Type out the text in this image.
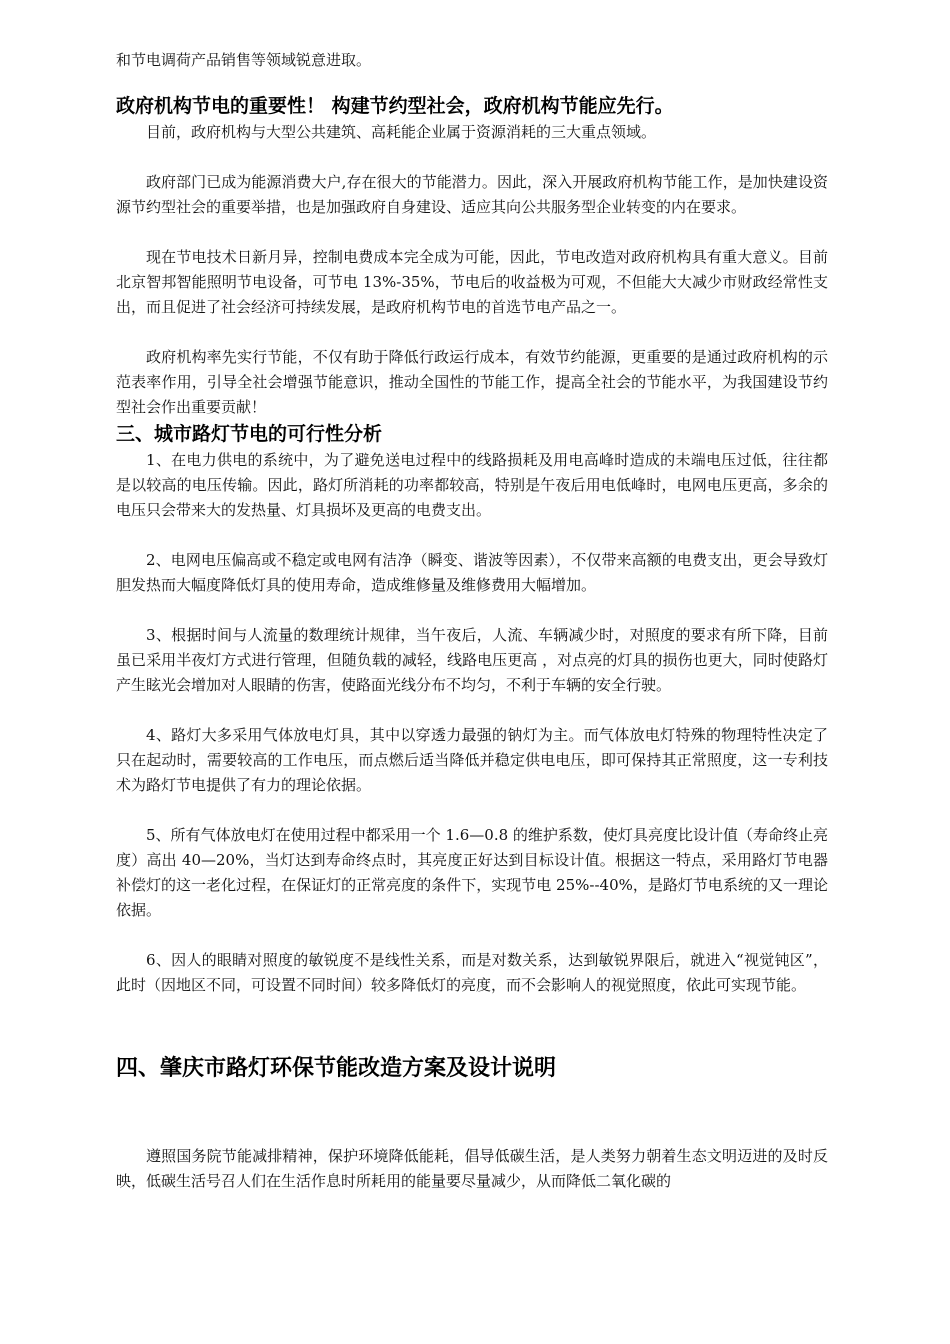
和节电调荷产品销售等领域锐意进取。

政府机构节电的重要性！ 构建节约型社会，政府机构节能应先行。

目前，政府机构与大型公共建筑、高耗能企业属于资源消耗的三大重点领域。

政府部门已成为能源消费大户,存在很大的节能潜力。因此，深入开展政府机构节能工作，是加快建设资源节约型社会的重要举措，也是加强政府自身建设、适应其向公共服务型企业转变的内在要求。

现在节电技术日新月异，控制电费成本完全成为可能，因此，节电改造对政府机构具有重大意义。目前 北京智邦智能照明节电设备，可节电 13%-35%，节电后的收益极为可观，不但能大大减少市财政经常性支出，而且促进了社会经济可持续发展，是政府机构节电的首选节电产品之一。

政府机构率先实行节能，不仅有助于降低行政运行成本，有效节约能源，更重要的是通过政府机构的示范表率作用，引导全社会增强节能意识，推动全国性的节能工作，提高全社会的节能水平，为我国建设节约型社会作出重要贡献！

三、城市路灯节电的可行性分析

1、在电力供电的系统中，为了避免送电过程中的线路损耗及用电高峰时造成的未端电压过低，往往都是以较高的电压传输。因此，路灯所消耗的功率都较高，特别是午夜后用电低峰时，电网电压更高，多余的电压只会带来大的发热量、灯具损坏及更高的电费支出。

2、电网电压偏高或不稳定或电网有洁净（瞬变、谐波等因素），不仅带来高额的电费支出，更会导致灯胆发热而大幅度降低灯具的使用寿命，造成维修量及维修费用大幅增加。

3、根据时间与人流量的数理统计规律，当午夜后，人流、车辆减少时，对照度的要求有所下降，目前虽已采用半夜灯方式进行管理，但随负载的减轻，线路电压更高 ，对点亮的灯具的损伤也更大，同时使路灯产生眩光会增加对人眼睛的伤害，使路面光线分布不均匀，不利于车辆的安全行驶。

4、路灯大多采用气体放电灯具，其中以穿透力最强的钠灯为主。而气体放电灯特殊的物理特性决定了只在起动时，需要较高的工作电压，而点燃后适当降低并稳定供电电压，即可保持其正常照度，这一专利技术为路灯节电提供了有力的理论依据。

5、所有气体放电灯在使用过程中都采用一个 1.6—0.8 的维护系数，使灯具亮度比设计值（寿命终止亮度）高出 40—20%，当灯达到寿命终点时，其亮度正好达到目标设计值。根据这一特点，采用路灯节电器补偿灯的这一老化过程，在保证灯的正常亮度的条件下，实现节电 25%--40%，是路灯节电系统的又一理论依据。

6、因人的眼睛对照度的敏锐度不是线性关系，而是对数关系，达到敏锐界限后，就进入“视觉钝区”，此时（因地区不同，可设置不同时间）较多降低灯的亮度，而不会影响人的视觉照度，依此可实现节能。

四、肇庆市路灯环保节能改造方案及设计说明

遵照国务院节能减排精神，保护环境降低能耗，倡导低碳生活，是人类努力朝着生态文明迈进的及时反映，低碳生活号召人们在生活作息时所耗用的能量要尽量减少，从而降低二氧化碳的
